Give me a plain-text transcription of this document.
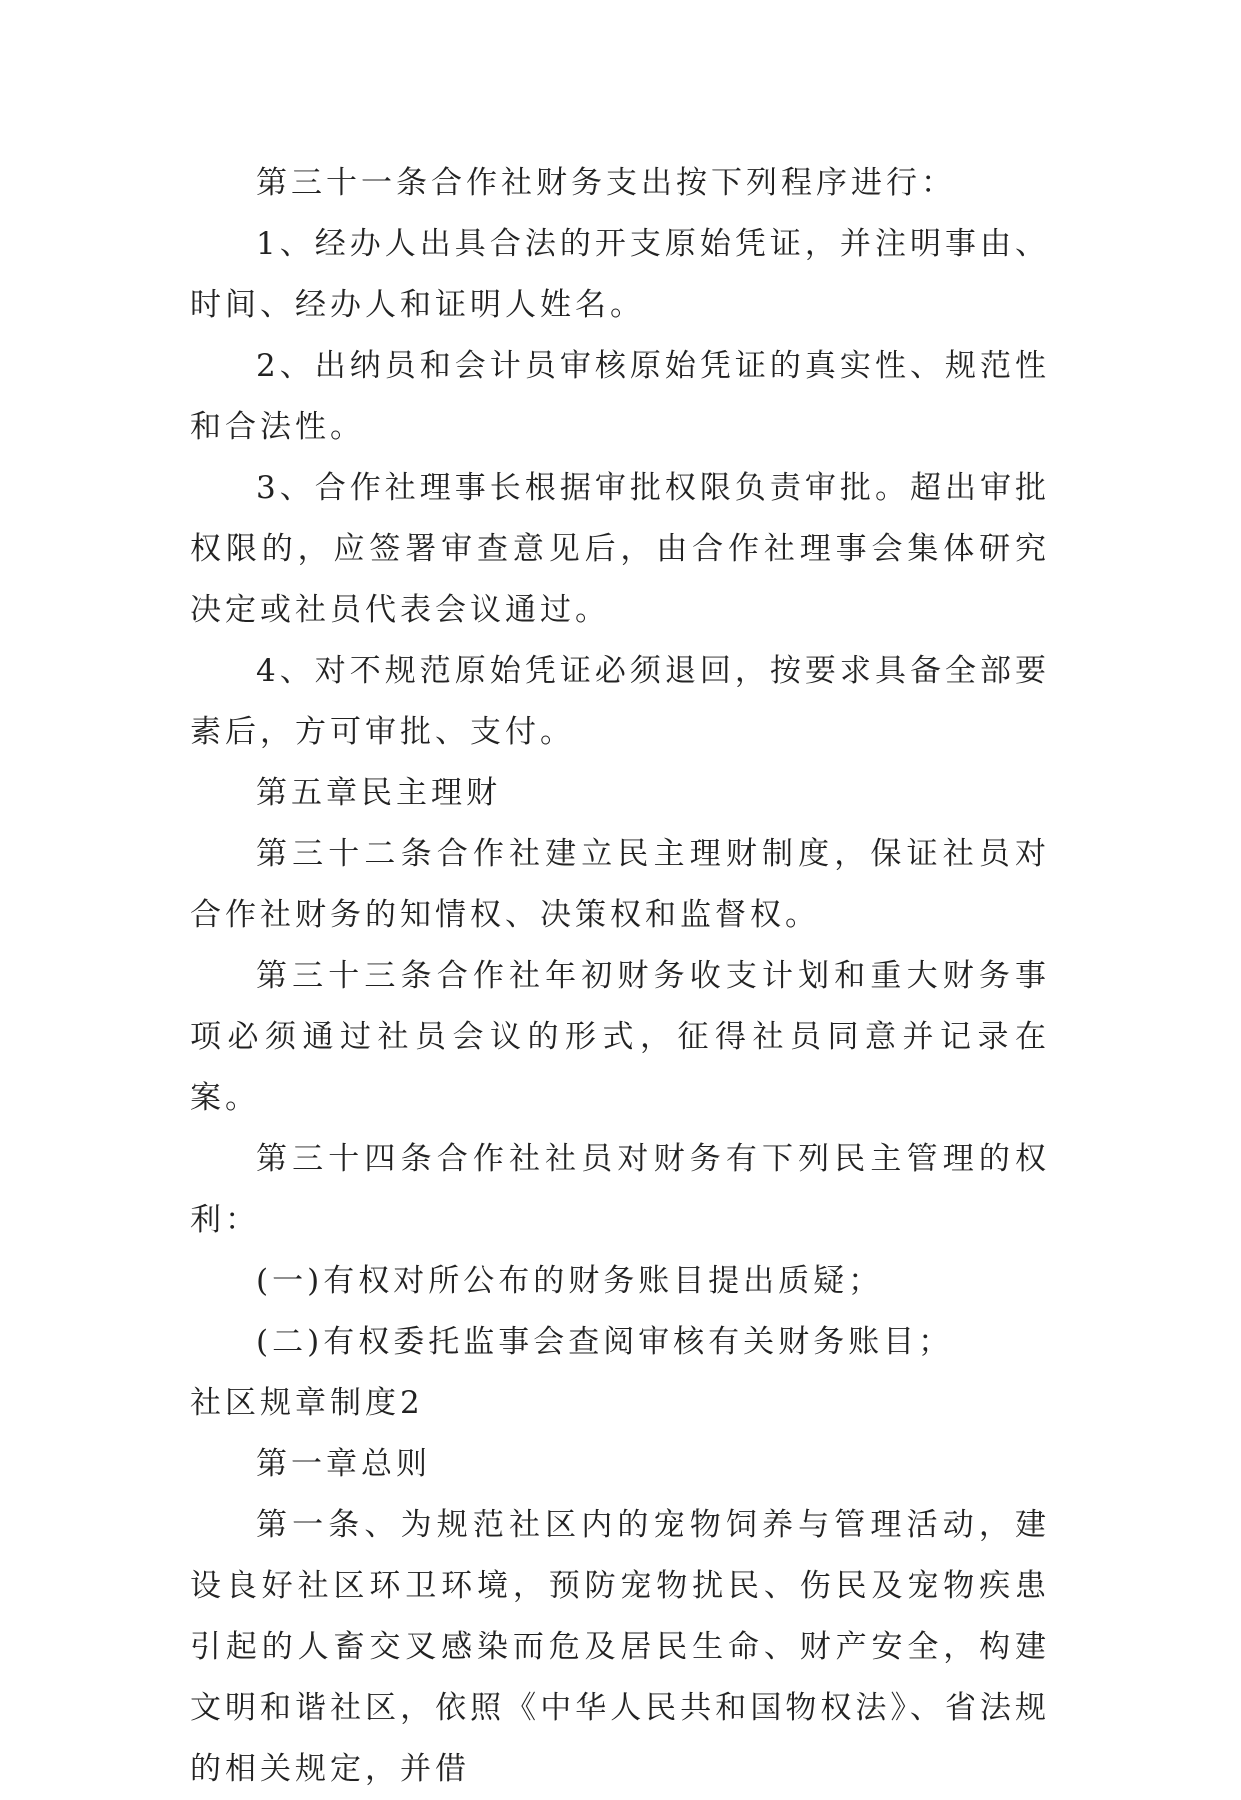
第三十一条合作社财务支出按下列程序进行：

1、经办人出具合法的开支原始凭证，并注明事由、时间、经办人和证明人姓名。

2、出纳员和会计员审核原始凭证的真实性、规范性和合法性。

3、合作社理事长根据审批权限负责审批。超出审批权限的，应签署审查意见后，由合作社理事会集体研究决定或社员代表会议通过。

4、对不规范原始凭证必须退回，按要求具备全部要素后，方可审批、支付。

第五章民主理财

第三十二条合作社建立民主理财制度，保证社员对合作社财务的知情权、决策权和监督权。

第三十三条合作社年初财务收支计划和重大财务事项必须通过社员会议的形式，征得社员同意并记录在案。

第三十四条合作社社员对财务有下列民主管理的权利：

(一)有权对所公布的财务账目提出质疑；

(二)有权委托监事会查阅审核有关财务账目；

社区规章制度2

第一章总则

第一条、为规范社区内的宠物饲养与管理活动，建设良好社区环卫环境，预防宠物扰民、伤民及宠物疾患引起的人畜交叉感染而危及居民生命、财产安全，构建文明和谐社区，依照《中华人民共和国物权法》、省法规的相关规定，并借
